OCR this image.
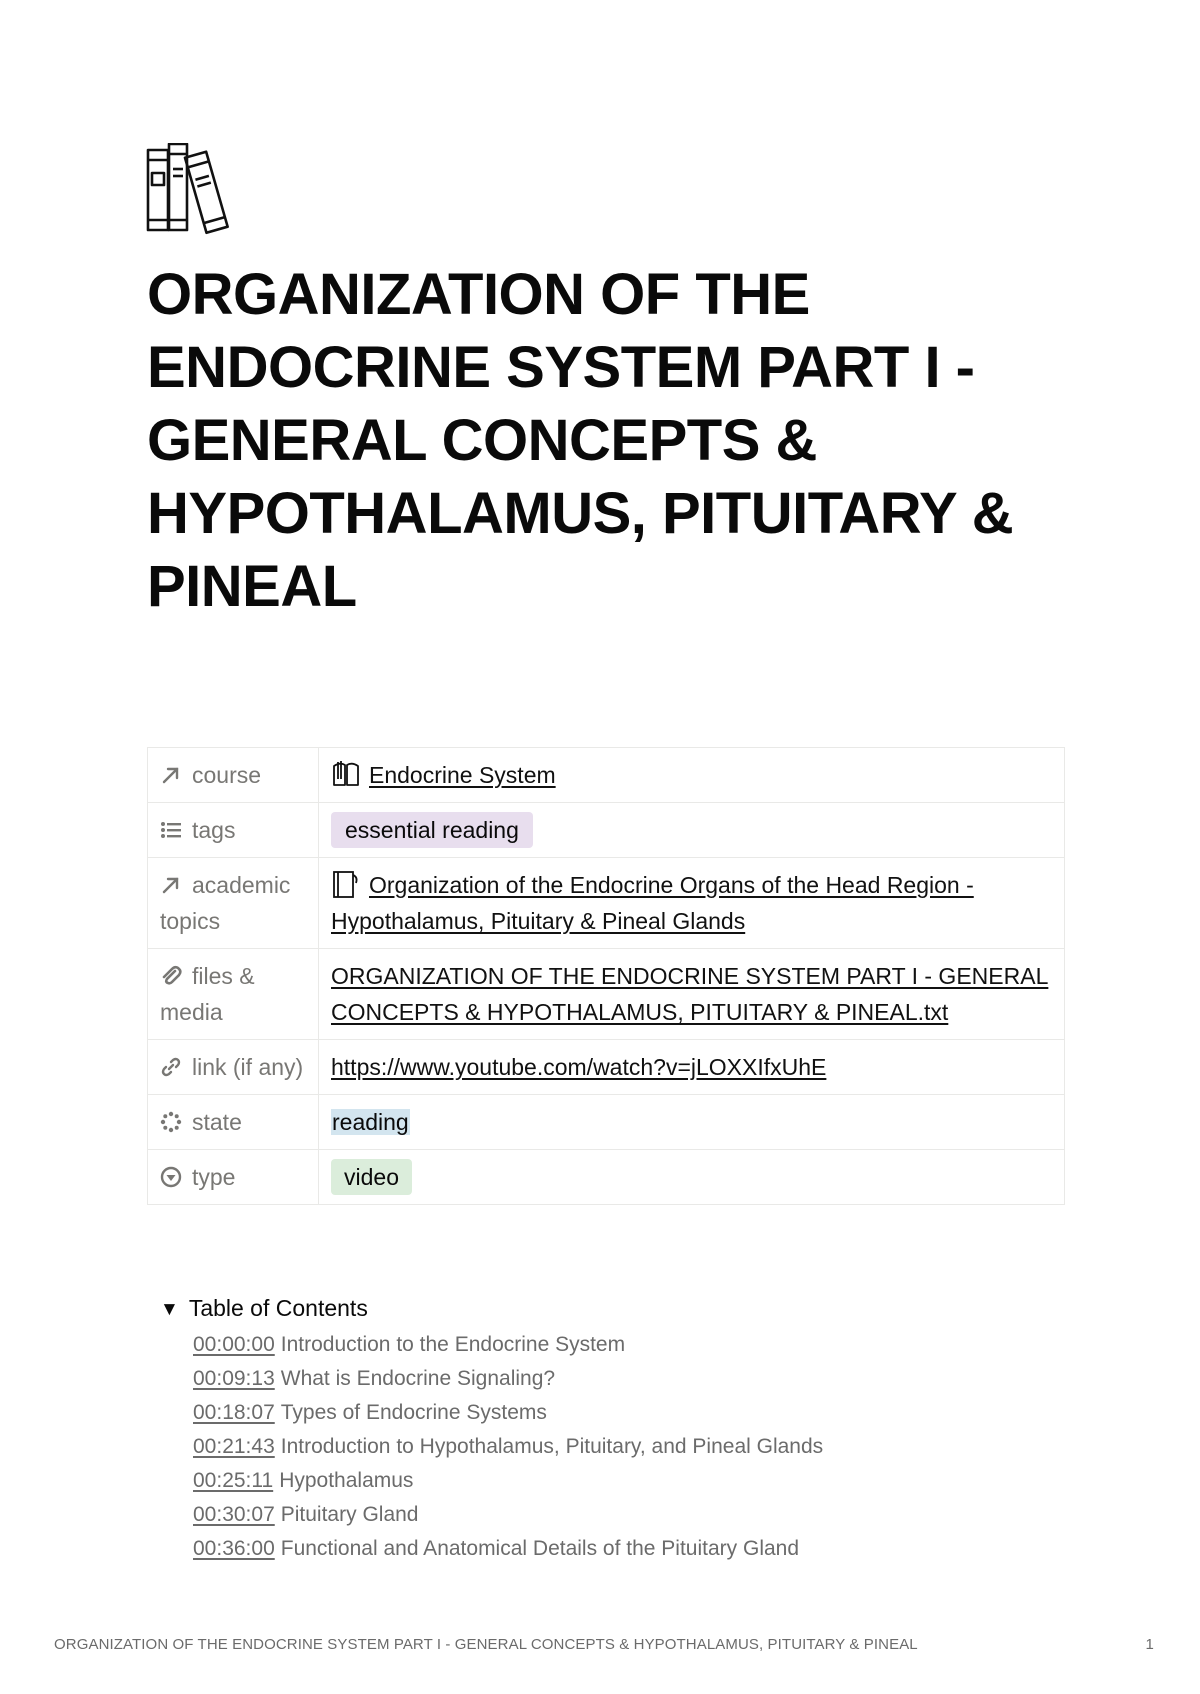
ORGANIZATION OF THE ENDOCRINE SYSTEM PART I - GENERAL CONCEPTS & HYPOTHALAMUS, PITUITARY & PINEAL
course	Endocrine System
tags	essential reading
academic topics	Organization of the Endocrine Organs of the Head Region - Hypothalamus, Pituitary & Pineal Glands
files & media	ORGANIZATION OF THE ENDOCRINE SYSTEM PART I - GENERAL CONCEPTS & HYPOTHALAMUS, PITUITARY & PINEAL.txt
link (if any)	https://www.youtube.com/watch?v=jLOXXIfxUhE
state	reading
type	video
▼ Table of Contents
00:00:00 Introduction to the Endocrine System
00:09:13 What is Endocrine Signaling?
00:18:07 Types of Endocrine Systems
00:21:43 Introduction to Hypothalamus, Pituitary, and Pineal Glands
00:25:11 Hypothalamus
00:30:07 Pituitary Gland
00:36:00 Functional and Anatomical Details of the Pituitary Gland
ORGANIZATION OF THE ENDOCRINE SYSTEM PART I - GENERAL CONCEPTS & HYPOTHALAMUS, PITUITARY & PINEAL	1
